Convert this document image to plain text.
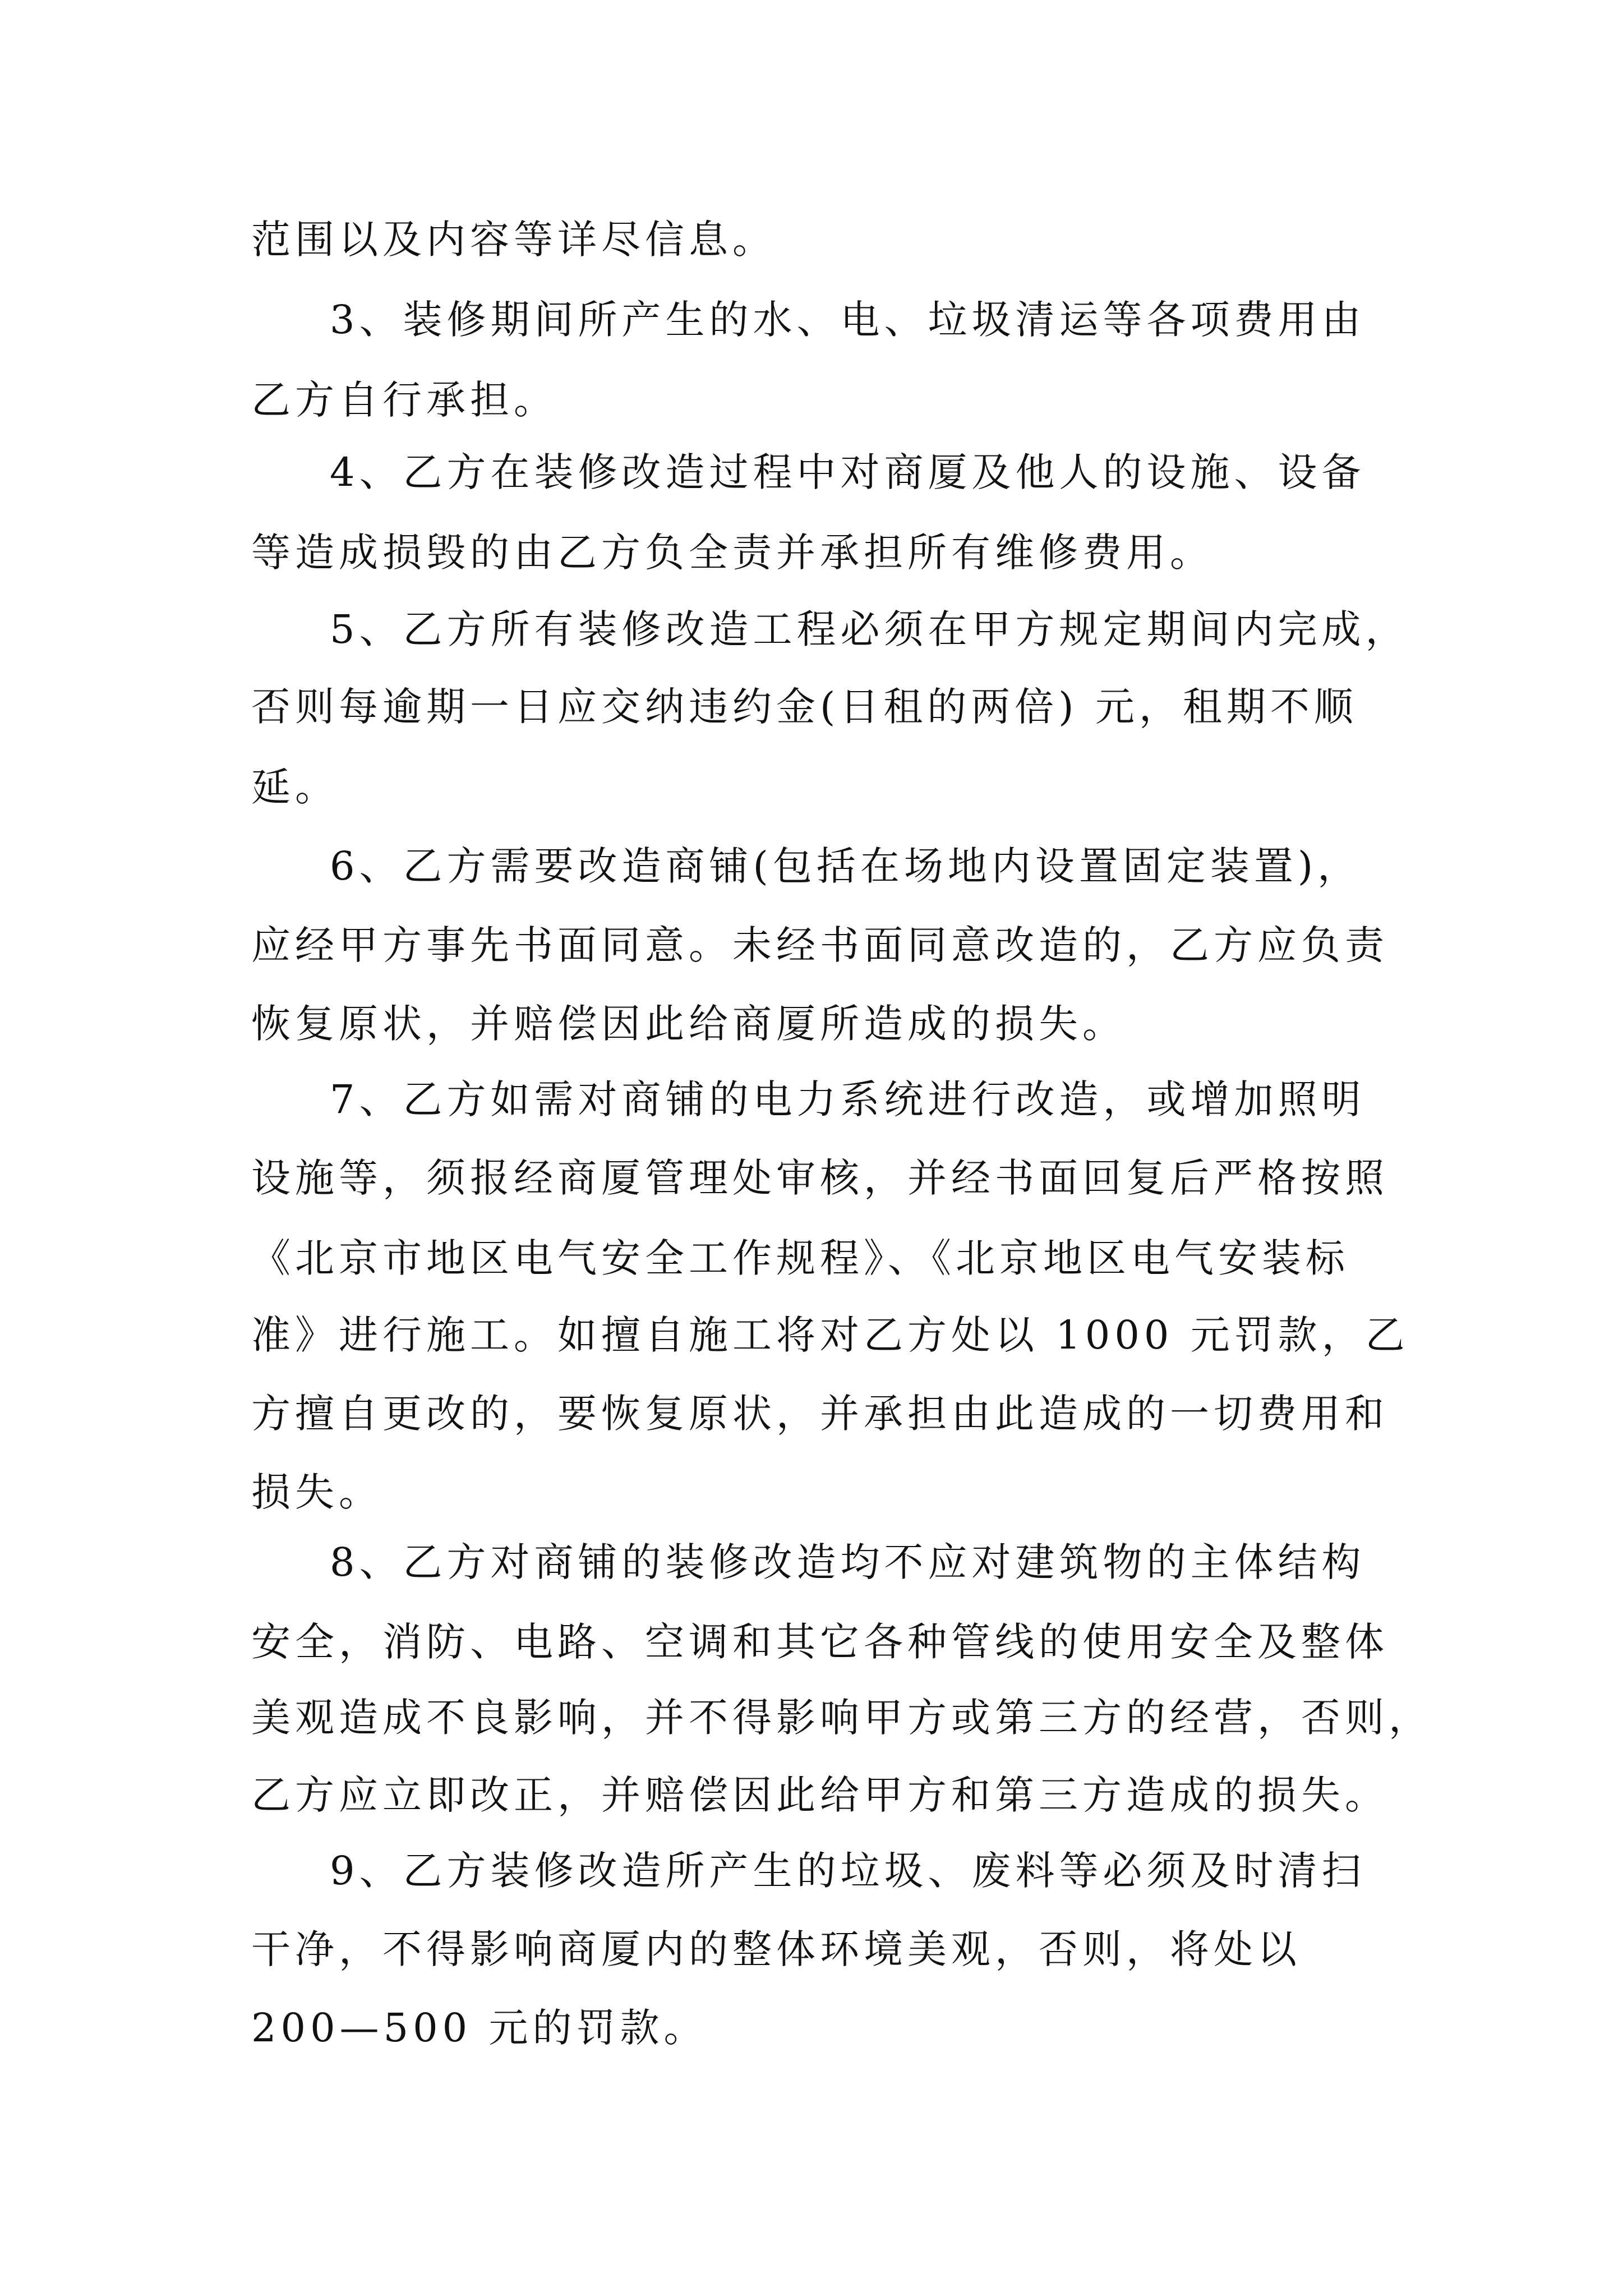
范围以及内容等详尽信息。
3、装修期间所产生的水、电、垃圾清运等各项费用由
乙方自行承担。
4、乙方在装修改造过程中对商厦及他人的设施、设备
等造成损毁的由乙方负全责并承担所有维修费用。
5、乙方所有装修改造工程必须在甲方规定期间内完成，
否则每逾期一日应交纳违约金(日租的两倍) 元，租期不顺
延。
6、乙方需要改造商铺(包括在场地内设置固定装置)，
应经甲方事先书面同意。未经书面同意改造的，乙方应负责
恢复原状，并赔偿因此给商厦所造成的损失。
7、乙方如需对商铺的电力系统进行改造，或增加照明
设施等，须报经商厦管理处审核，并经书面回复后严格按照
《北京市地区电气安全工作规程》、《北京地区电气安装标
准》进行施工。如擅自施工将对乙方处以 1000 元罚款，乙
方擅自更改的，要恢复原状，并承担由此造成的一切费用和
损失。
8、乙方对商铺的装修改造均不应对建筑物的主体结构
安全，消防、电路、空调和其它各种管线的使用安全及整体
美观造成不良影响，并不得影响甲方或第三方的经营，否则，
乙方应立即改正，并赔偿因此给甲方和第三方造成的损失。
9、乙方装修改造所产生的垃圾、废料等必须及时清扫
干净，不得影响商厦内的整体环境美观，否则，将处以
200—500 元的罚款。
